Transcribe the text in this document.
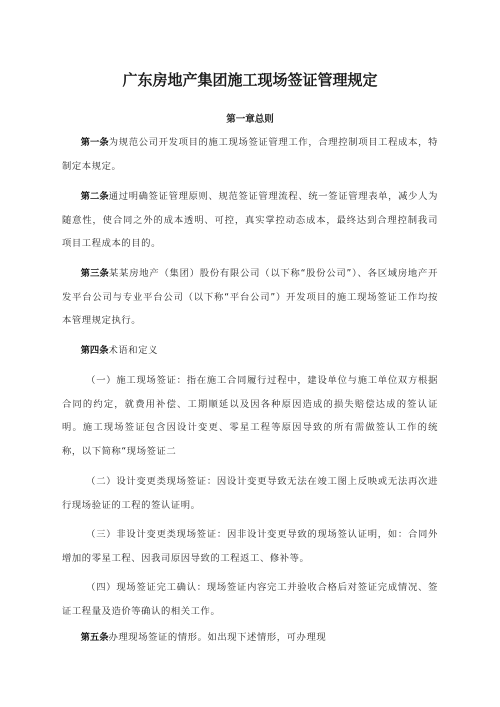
广东房地产集团施工现场签证管理规定
第一章总则
第一条为规范公司开发项目的施工现场签证管理工作，合理控制项目工程成本，特制定本规定。
第二条通过明确签证管理原则、规范签证管理流程、统一签证管理表单，减少人为随意性，使合同之外的成本透明、可控，真实掌控动态成本，最终达到合理控制我司项目工程成本的目的。
第三条某某房地产（集团）股份有限公司（以下称“股份公司”）、各区域房地产开发平台公司与专业平台公司（以下称“平台公司”）开发项目的施工现场签证工作均按本管理规定执行。
第四条术语和定义
（一）施工现场签证：指在施工合同履行过程中，建设单位与施工单位双方根据合同的约定，就费用补偿、工期顺延以及因各种原因造成的损失赔偿达成的签认证明。施工现场签证包含因设计变更、零星工程等原因导致的所有需做签认工作的统称，以下简称“现场签证二
（二）设计变更类现场签证：因设计变更导致无法在竣工图上反映或无法再次进行现场验证的工程的签认证明。
（三）非设计变更类现场签证：因非设计变更导致的现场签认证明，如：合同外增加的零星工程、因我司原因导致的工程返工、修补等。
（四）现场签证完工确认：现场签证内容完工并验收合格后对签证完成情况、签证工程量及造价等确认的相关工作。
第五条办理现场签证的情形。如出现下述情形，可办理现
